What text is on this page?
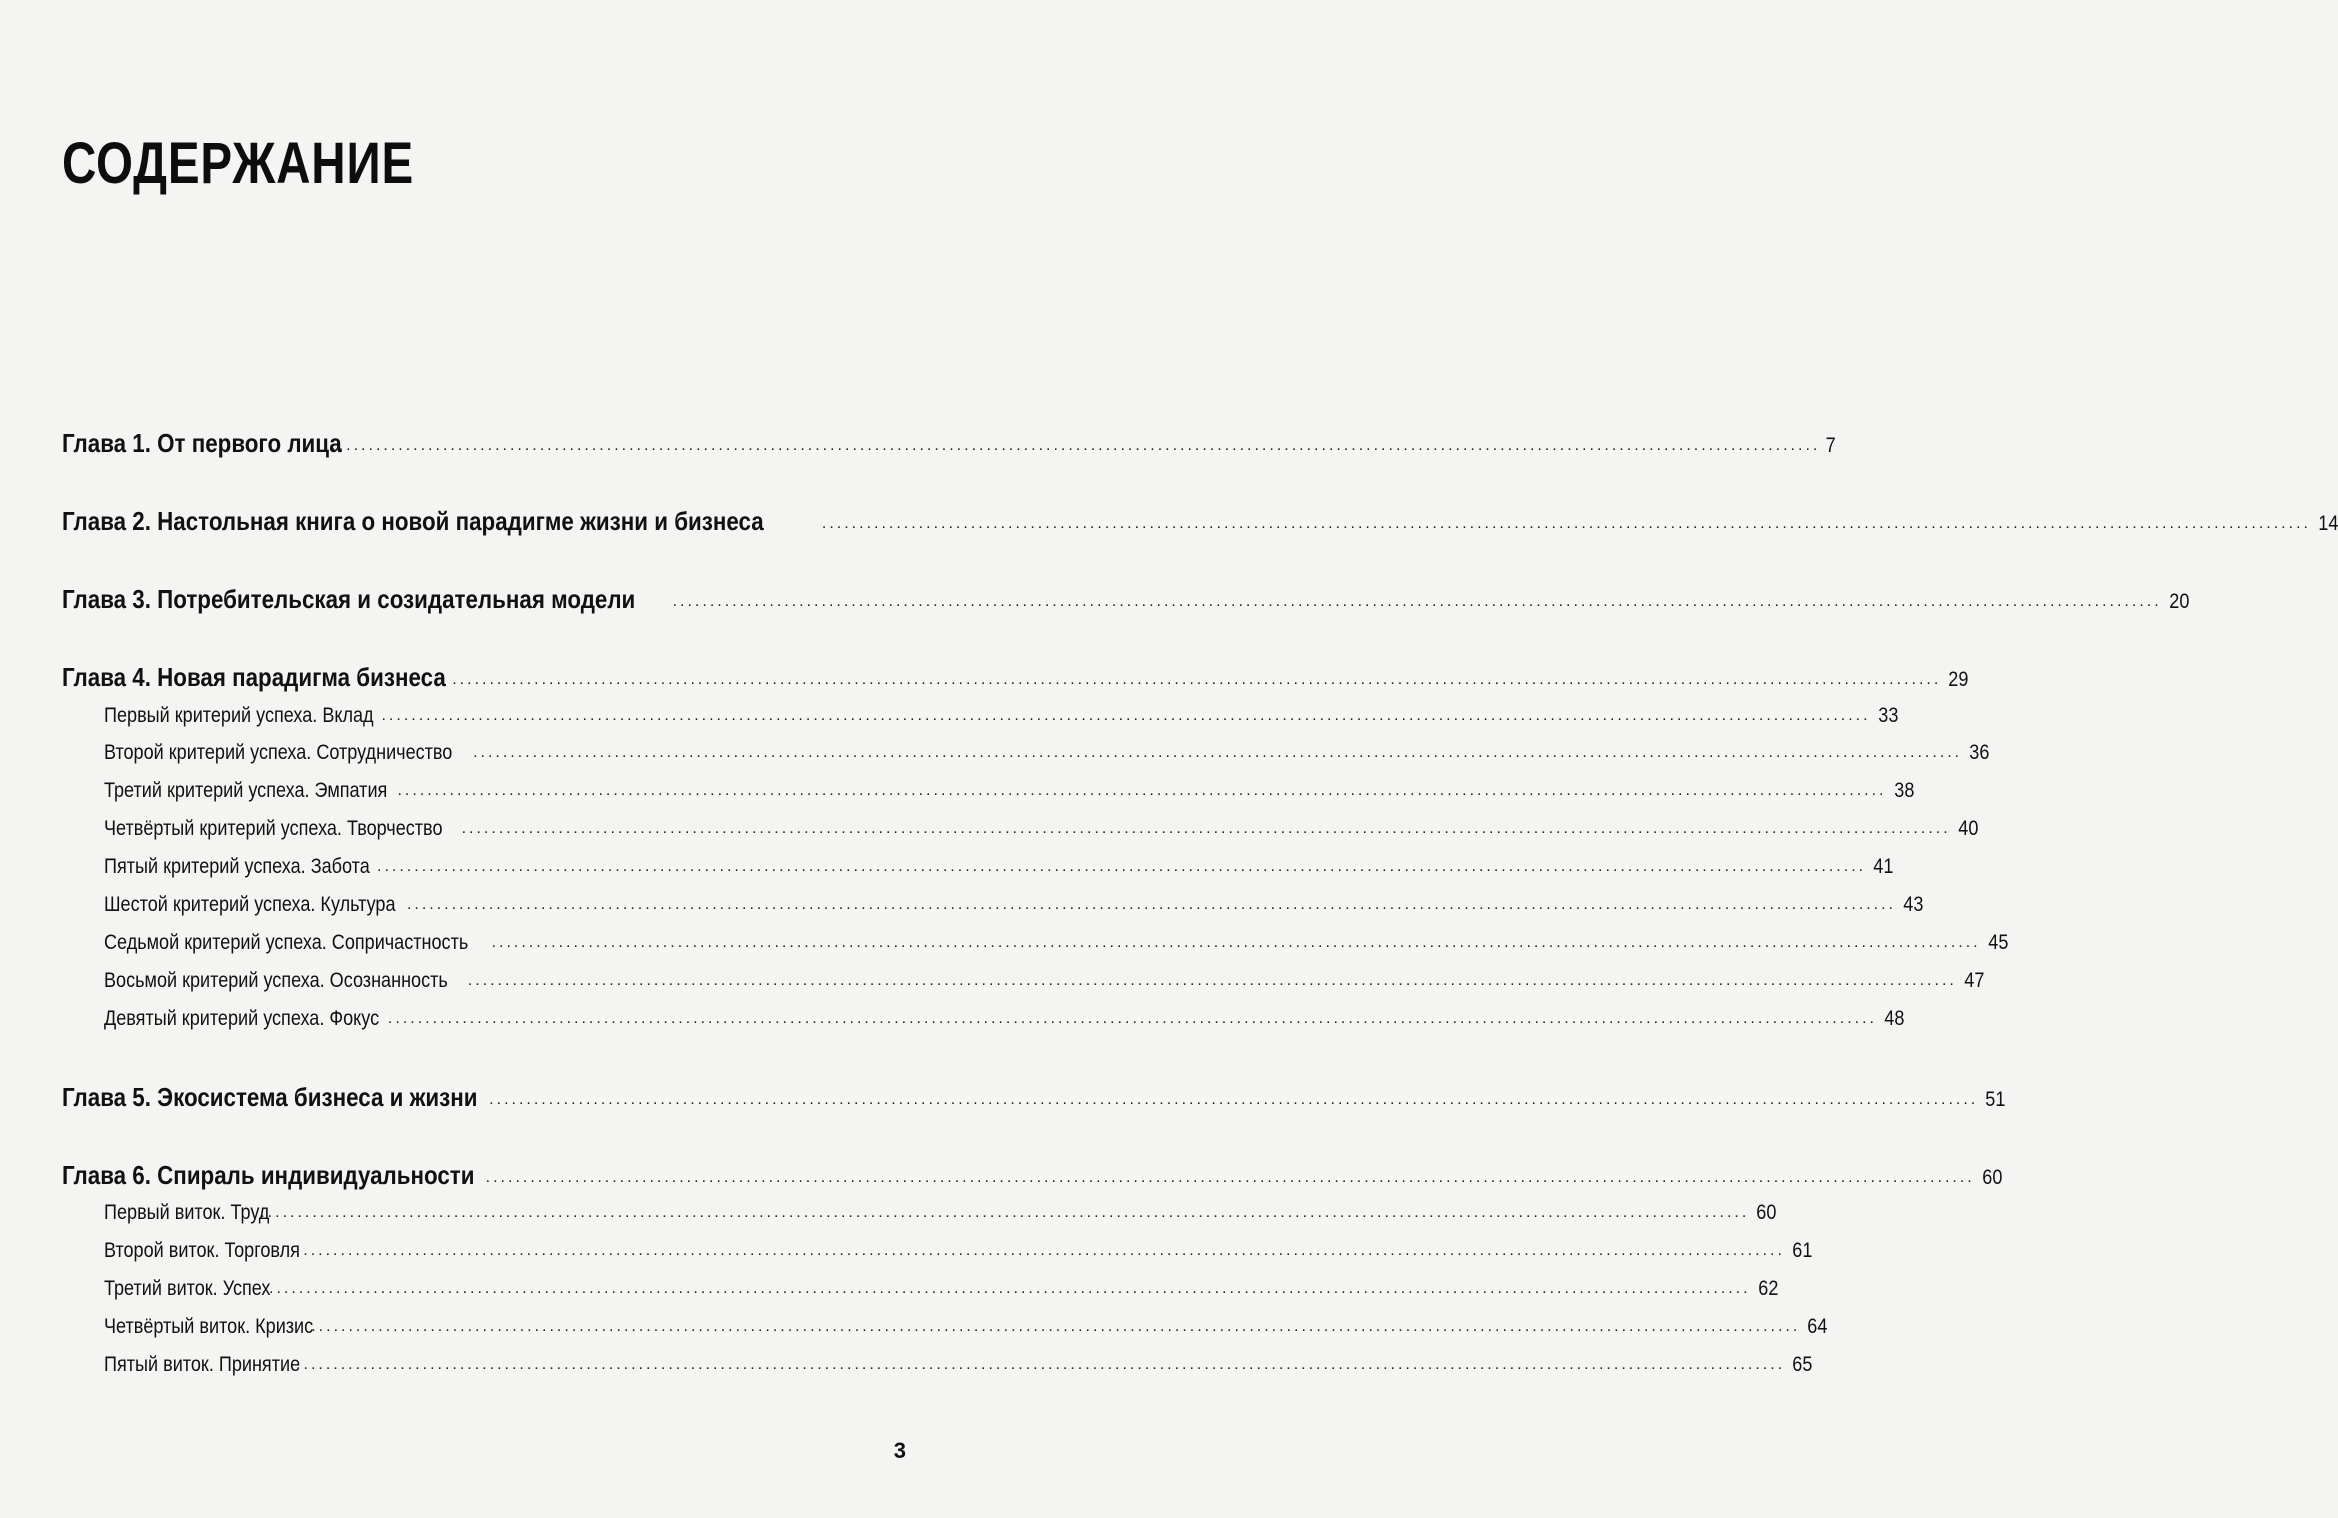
СОДЕРЖАНИЕ
Глава 1. От первого лица
........................................................................................................................................................................................................ 7
Глава 2. Настольная книга о новой парадигме жизни и бизнеса	........................................................................................................................................................................................................ 14
Глава 3. Потребительская и созидательная модели ........................................................................................................................................................................................................ 20
Глава 4. Новая парадигма бизнеса ........................................................................................................................................................................................................ 29
Первый критерий успеха. Вклад ........................................................................................................................................................................................................ 33
Второй критерий успеха. Сотрудничество ........................................................................................................................................................................................................ 36
Третий критерий успеха. Эмпатия ........................................................................................................................................................................................................ 38
Четвёртый критерий успеха. Творчество ........................................................................................................................................................................................................ 40
Пятый критерий успеха. Забота ........................................................................................................................................................................................................ 41
Шестой критерий успеха. Культура ........................................................................................................................................................................................................ 43
Седьмой критерий успеха. Сопричастность ........................................................................................................................................................................................................ 45
Восьмой критерий успеха. Осознанность ........................................................................................................................................................................................................ 47
Девятый критерий успеха. Фокус ........................................................................................................................................................................................................ 48
Глава 5. Экосистема бизнеса и жизни ........................................................................................................................................................................................................ 51
Глава 6. Спираль индивидуальности ........................................................................................................................................................................................................ 60
Первый виток. Труд
........................................................................................................................................................................................................ 60
Второй виток. Торговля
........................................................................................................................................................................................................ 61
Третий виток. Успех
........................................................................................................................................................................................................ 62
Четвёртый виток. Кризис
........................................................................................................................................................................................................ 64
Пятый виток. Принятие
........................................................................................................................................................................................................ 65
3
